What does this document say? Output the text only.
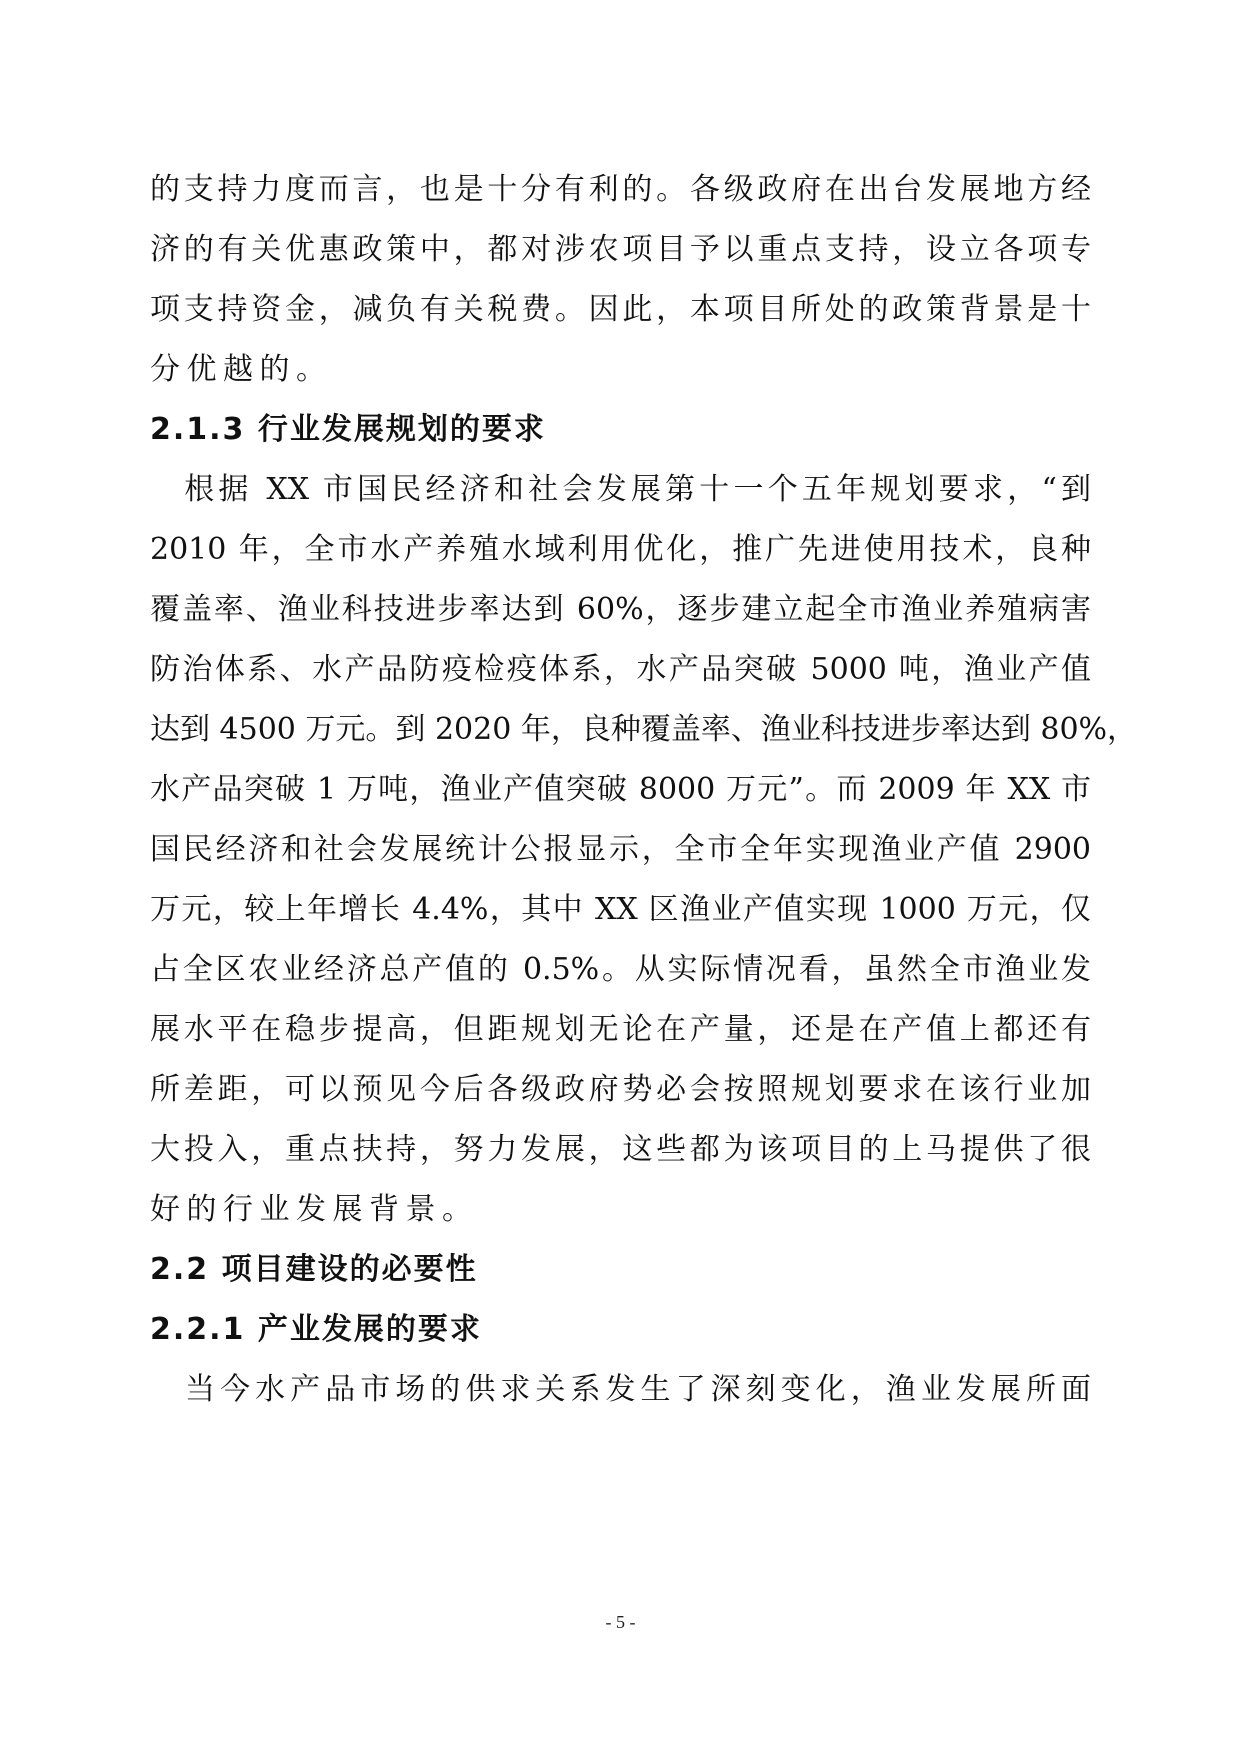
的支持力度而言，也是十分有利的。各级政府在出台发展地方经
济的有关优惠政策中，都对涉农项目予以重点支持，设立各项专
项支持资金，减负有关税费。因此，本项目所处的政策背景是十
分优越的。
2.1.3 行业发展规划的要求
　根据 XX 市国民经济和社会发展第十一个五年规划要求，“到
2010 年，全市水产养殖水域利用优化，推广先进使用技术，良种
覆盖率、渔业科技进步率达到 60%，逐步建立起全市渔业养殖病害
防治体系、水产品防疫检疫体系，水产品突破 5000 吨，渔业产值
达到 4500 万元。到 2020 年，良种覆盖率、渔业科技进步率达到 80%，
水产品突破 1 万吨，渔业产值突破 8000 万元”。而 2009 年 XX 市
国民经济和社会发展统计公报显示，全市全年实现渔业产值 2900
万元，较上年增长 4.4%，其中 XX 区渔业产值实现 1000 万元，仅
占全区农业经济总产值的 0.5%。从实际情况看，虽然全市渔业发
展水平在稳步提高，但距规划无论在产量，还是在产值上都还有
所差距，可以预见今后各级政府势必会按照规划要求在该行业加
大投入，重点扶持，努力发展，这些都为该项目的上马提供了很
好的行业发展背景。
2.2 项目建设的必要性
2.2.1 产业发展的要求
　当今水产品市场的供求关系发生了深刻变化，渔业发展所面
- 5 -
